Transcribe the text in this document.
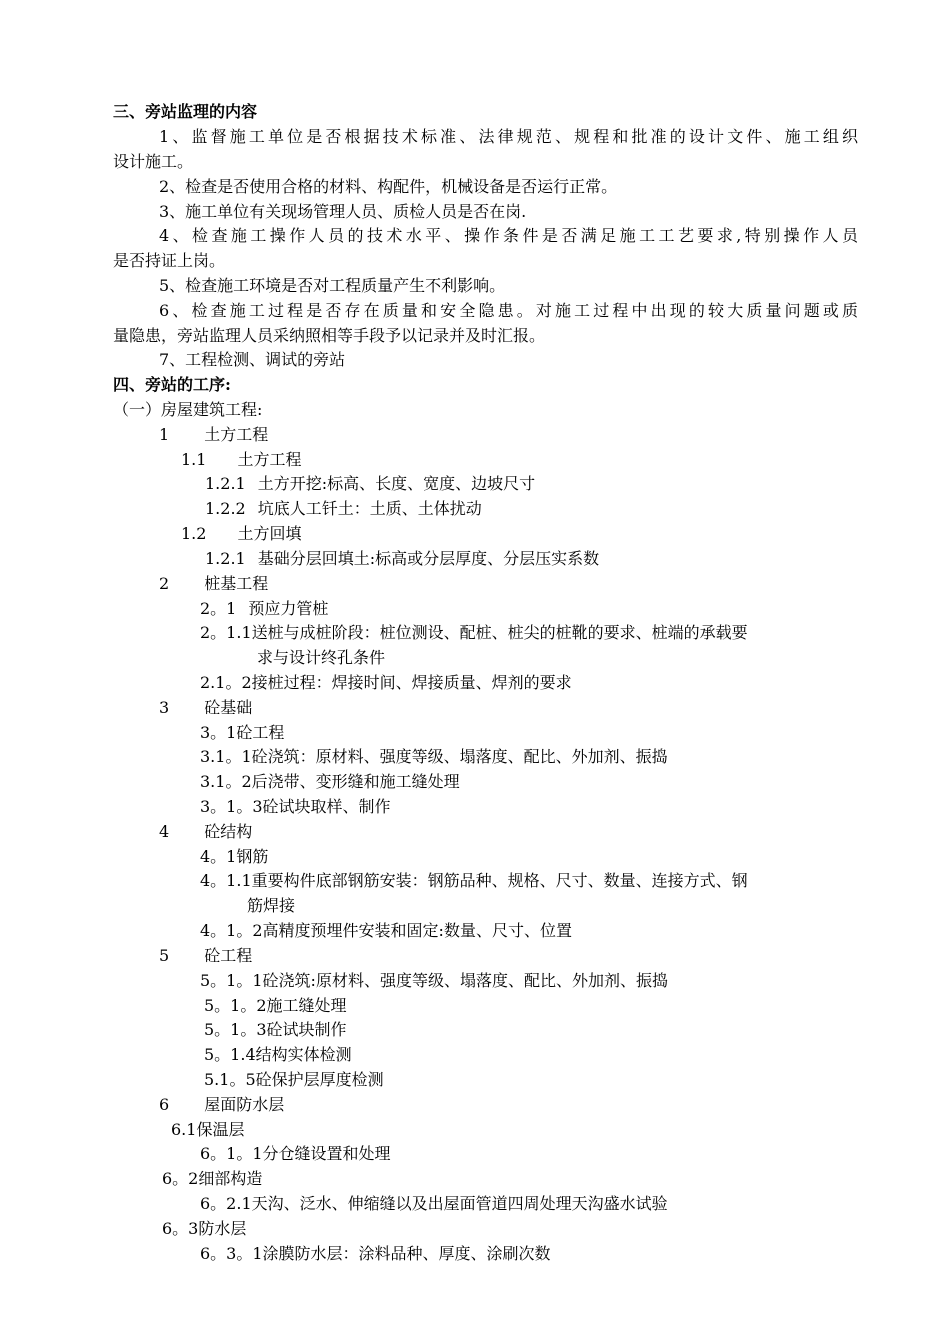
三、旁站监理的内容
1、监督施工单位是否根据技术标准、法律规范、规程和批准的设计文件、施工组织
设计施工。
2、检查是否使用合格的材料、构配件，机械设备是否运行正常。
3、施工单位有关现场管理人员、质检人员是否在岗.
4、检查施工操作人员的技术水平、操作条件是否满足施工工艺要求,特别操作人员
是否持证上岗。
5、检查施工环境是否对工程质量产生不利影响。
6、检查施工过程是否存在质量和安全隐患。对施工过程中出现的较大质量问题或质
量隐患，旁站监理人员采纳照相等手段予以记录并及时汇报。
7、工程检测、调试的旁站
四、旁站的工序:
（一）房屋建筑工程:
1 土方工程
1.1 土方工程
1.2.1 土方开挖:标高、长度、宽度、边坡尺寸
1.2.2 坑底人工钎土：土质、土体扰动
1.2 土方回填
1.2.1 基础分层回填土:标高或分层厚度、分层压实系数
2 桩基工程
2。1 预应力管桩
2。1.1送桩与成桩阶段：桩位测设、配桩、桩尖的桩靴的要求、桩端的承载要
求与设计终孔条件
2.1。2接桩过程：焊接时间、焊接质量、焊剂的要求
3 砼基础
3。1砼工程
3.1。1砼浇筑：原材料、强度等级、塌落度、配比、外加剂、振捣
3.1。2后浇带、变形缝和施工缝处理
3。1。3砼试块取样、制作
4 砼结构
4。1钢筋
4。1.1重要构件底部钢筋安装：钢筋品种、规格、尺寸、数量、连接方式、钢
筋焊接
4。1。2高精度预埋件安装和固定:数量、尺寸、位置
5 砼工程
5。1。1砼浇筑:原材料、强度等级、塌落度、配比、外加剂、振捣
5。1。2施工缝处理
5。1。3砼试块制作
5。1.4结构实体检测
5.1。5砼保护层厚度检测
6 屋面防水层
6.1保温层
6。1。1分仓缝设置和处理
6。2细部构造
6。2.1天沟、泛水、伸缩缝以及出屋面管道四周处理天沟盛水试验
6。3防水层
6。3。1涂膜防水层：涂料品种、厚度、涂刷次数
